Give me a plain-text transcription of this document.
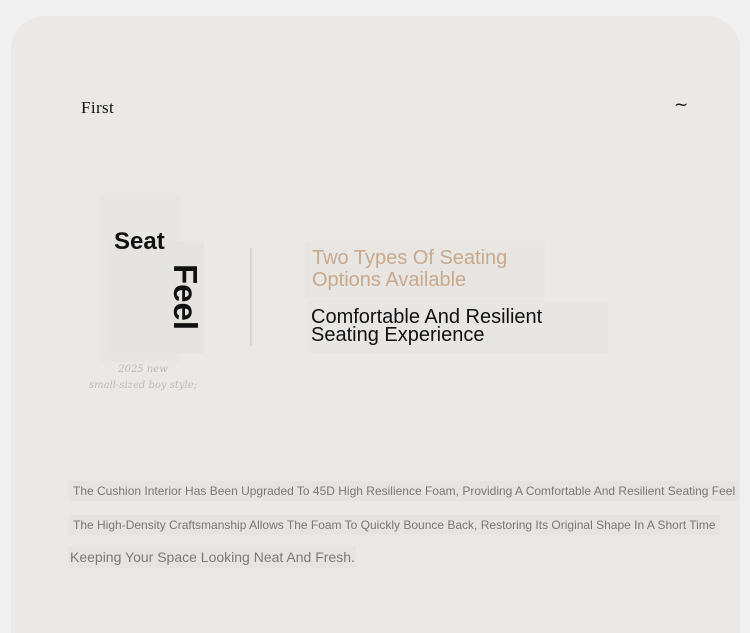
First	~
Seat
Feel
2025 new
small-sized boy style;
Two Types Of Seating Options Available
Comfortable And Resilient Seating Experience
The Cushion Interior Has Been Upgraded To 45D High Resilience Foam, Providing A Comfortable And Resilient Seating Feel
The High-Density Craftsmanship Allows The Foam To Quickly Bounce Back, Restoring Its Original Shape In A Short Time
Keeping Your Space Looking Neat And Fresh.
